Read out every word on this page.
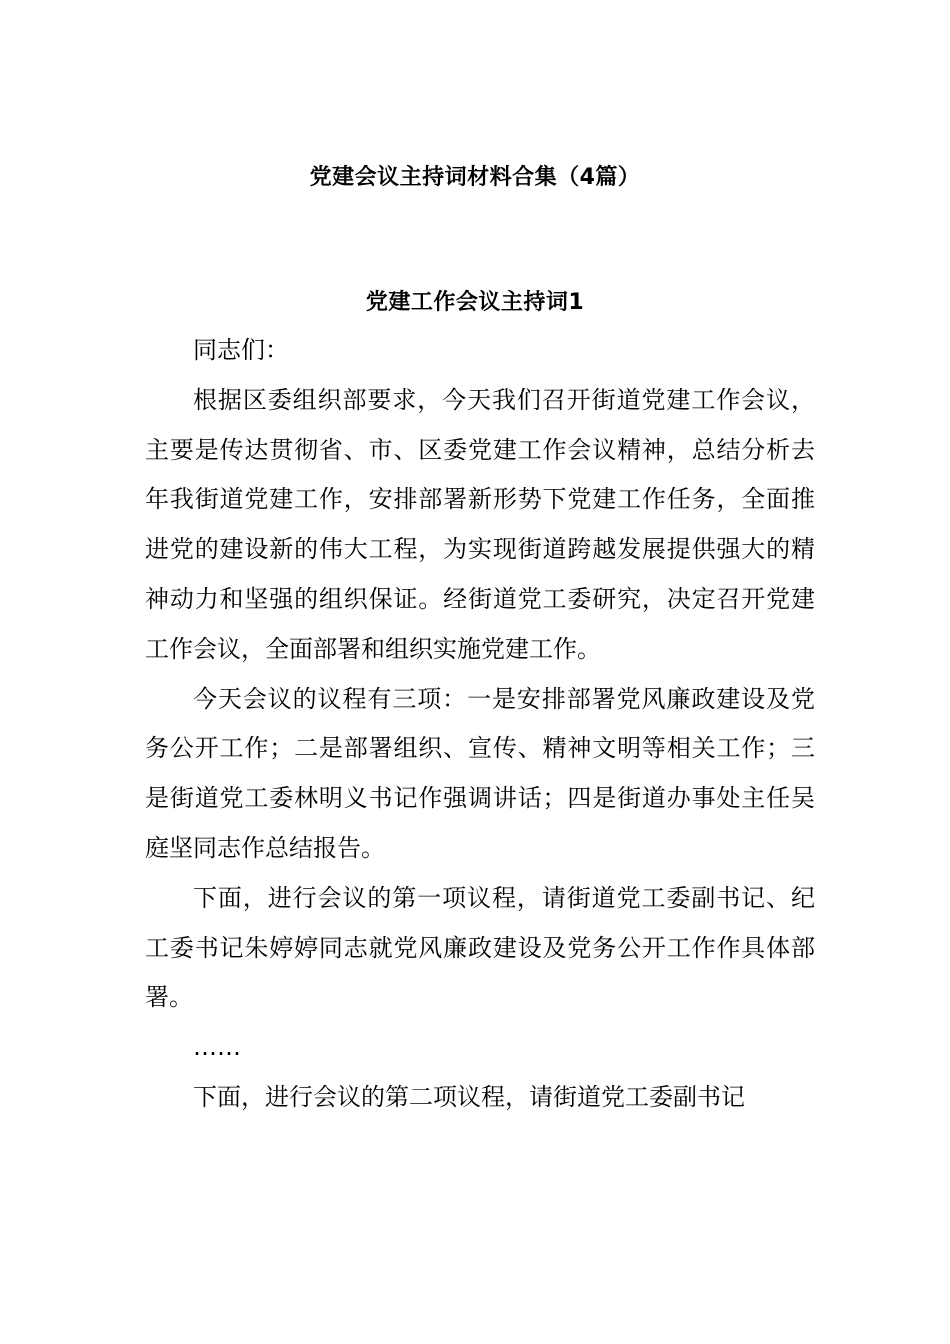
党建会议主持词材料合集（4篇）
党建工作会议主持词1

同志们：

根据区委组织部要求，今天我们召开街道党建工作会议，主要是传达贯彻省、市、区委党建工作会议精神，总结分析去年我街道党建工作，安排部署新形势下党建工作任务，全面推进党的建设新的伟大工程，为实现街道跨越发展提供强大的精神动力和坚强的组织保证。经街道党工委研究，决定召开党建工作会议，全面部署和组织实施党建工作。

今天会议的议程有三项：一是安排部署党风廉政建设及党务公开工作；二是部署组织、宣传、精神文明等相关工作；三是街道党工委林明义书记作强调讲话；四是街道办事处主任吴庭坚同志作总结报告。

下面，进行会议的第一项议程，请街道党工委副书记、纪工委书记朱婷婷同志就党风廉政建设及党务公开工作作具体部署。

……

下面，进行会议的第二项议程，请街道党工委副书记
